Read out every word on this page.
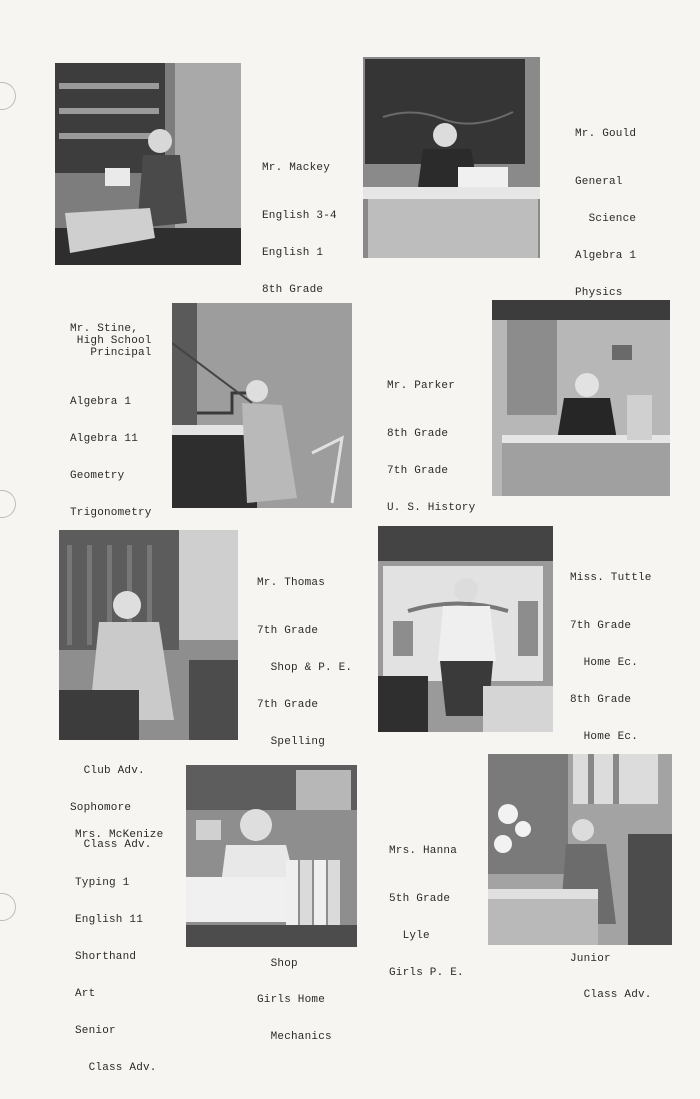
Mr. Mackey

English 3-4

English 1

8th Grade

Mr. Gould

General

Science

Algebra 1

Physics

Mr. Stine,
High School
Principal

Algebra 1

Algebra 11

Geometry

Trigonometry

Club Adv.

Sophomore

Class Adv.

Mr. Parker

8th Grade

7th Grade

U. S. History

Mr. Thomas

7th Grade

Shop & P. E.

7th Grade

Spelling

Shop

Girls Home

Mechanics

Miss. Tuttle

7th Grade

Home Ec.

8th Grade

Home Ec.

Junior

Class Adv.

Mrs. McKenize

Typing 1

English 11

Shorthand

Art

Senior

Class Adv.

Mrs. Hanna

5th Grade

Lyle

Girls P. E.
